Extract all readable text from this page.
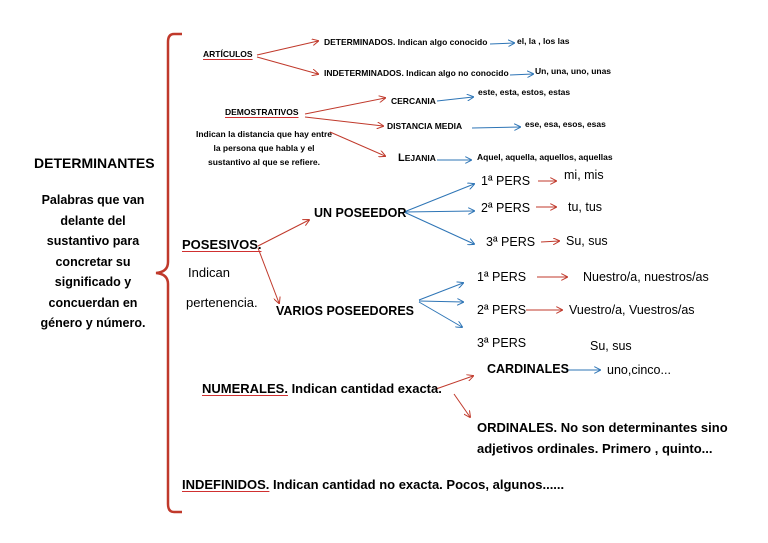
DETERMINANTES
Palabras que van
delante del
sustantivo para
concretar su
significado y
concuerdan en
género y número.
ARTÍCULOS
DETERMINADOS. Indican algo conocido	el, la , los las
INDETERMINADOS. Indican algo no conocido	Un, una, uno, unas
DEMOSTRATIVOS
Indican la distancia que hay entre
la persona que habla y el
sustantivo al que se refiere.
CERCANIA
este, esta, estos, estas
DISTANCIA MEDIA	ese, esa, esos, esas
LEJANIA	Aquel, aquella, aquellos, aquellas
POSESIVOS.
Indican
pertenencia.
UN POSEEDOR
VARIOS POSEEDORES
1ª PERS	mi, mis
2ª PERS	tu, tus
3ª PERS Su, sus
1ª PERS	Nuestro/a, nuestros/as
2ª PERS	Vuestro/a, Vuestros/as
3ª PERS	Su, sus
NUMERALES. Indican cantidad exacta.
CARDINALES	uno,cinco...
ORDINALES. No son determinantes sino
adjetivos ordinales. Primero , quinto...
INDEFINIDOS. Indican cantidad no exacta. Pocos, algunos......
